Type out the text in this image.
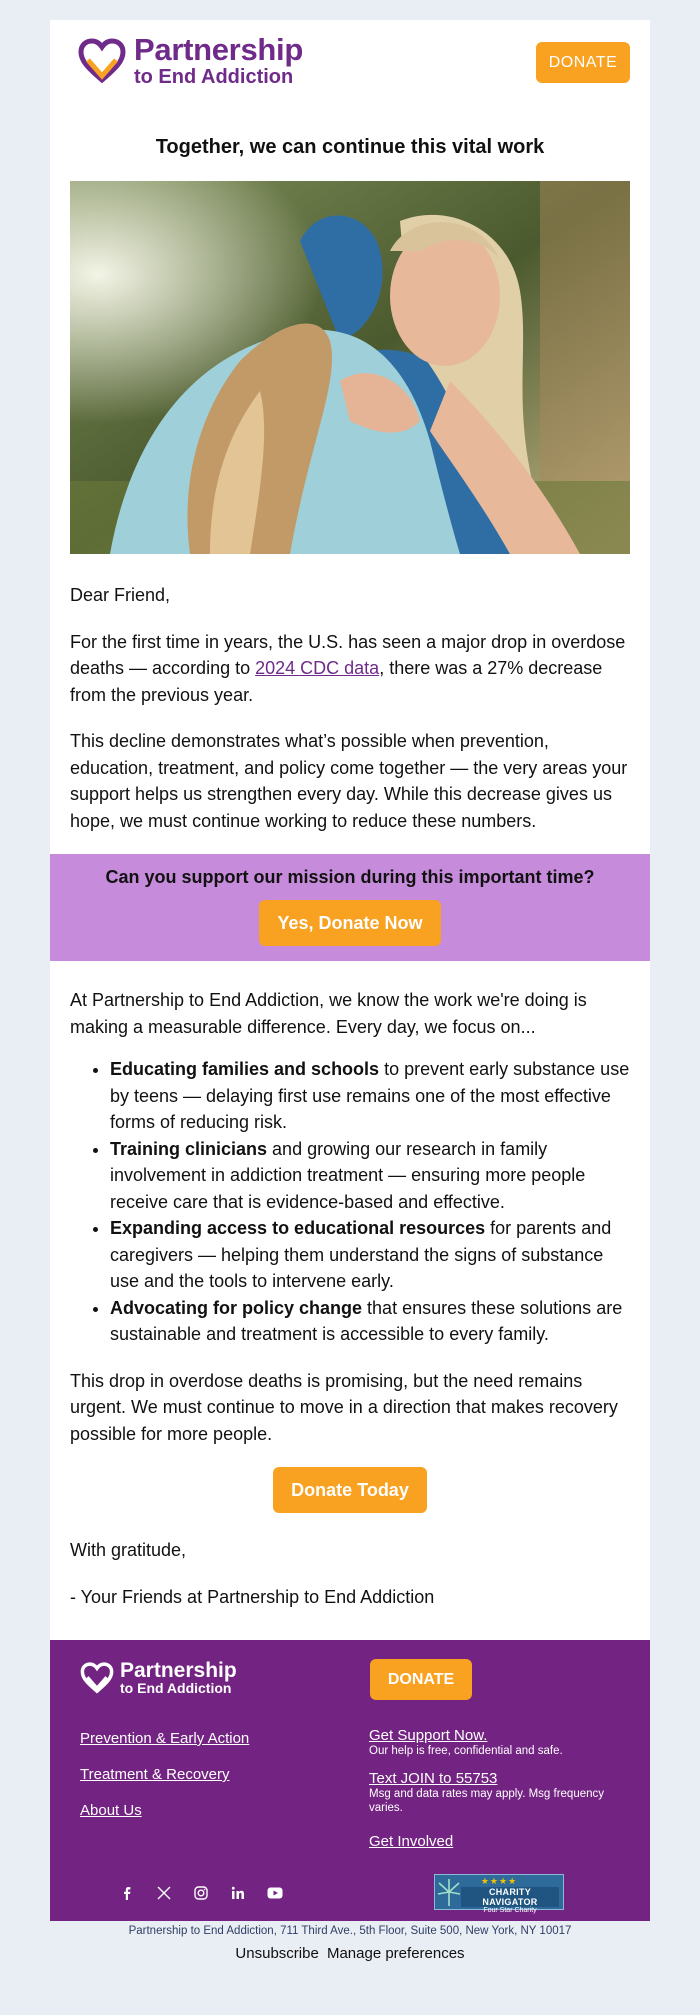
Partnership
to End Addiction
DONATE
Together, we can continue this vital work

Dear Friend,

For the first time in years, the U.S. has seen a major drop in overdose deaths — according to 2024 CDC data, there was a 27% decrease from the previous year.

This decline demonstrates what’s possible when prevention, education, treatment, and policy come together — the very areas your support helps us strengthen every day. While this decrease gives us hope, we must continue working to reduce these numbers.

Can you support our mission during this important time?
Yes, Donate Now

At Partnership to End Addiction, we know the work we're doing is making a measurable difference. Every day, we focus on...

• Educating families and schools to prevent early substance use by teens — delaying first use remains one of the most effective forms of reducing risk.
• Training clinicians and growing our research in family involvement in addiction treatment — ensuring more people receive care that is evidence-based and effective.
• Expanding access to educational resources for parents and caregivers — helping them understand the signs of substance use and the tools to intervene early.
• Advocating for policy change that ensures these solutions are sustainable and treatment is accessible to every family.

This drop in overdose deaths is promising, but the need remains urgent. We must continue to move in a direction that makes recovery possible for more people.

Donate Today

With gratitude,

- Your Friends at Partnership to End Addiction

Partnership
to End Addiction
Prevention & Early Action
Treatment & Recovery
About Us
DONATE
Get Support Now.
Our help is free, confidential and safe.
Text JOIN to 55753
Msg and data rates may apply. Msg frequency varies.
Get Involved
★★★★
CHARITY NAVIGATOR
Four Star Charity
Partnership to End Addiction, 711 Third Ave., 5th Floor, Suite 500, New York, NY 10017
Unsubscribe Manage preferences
